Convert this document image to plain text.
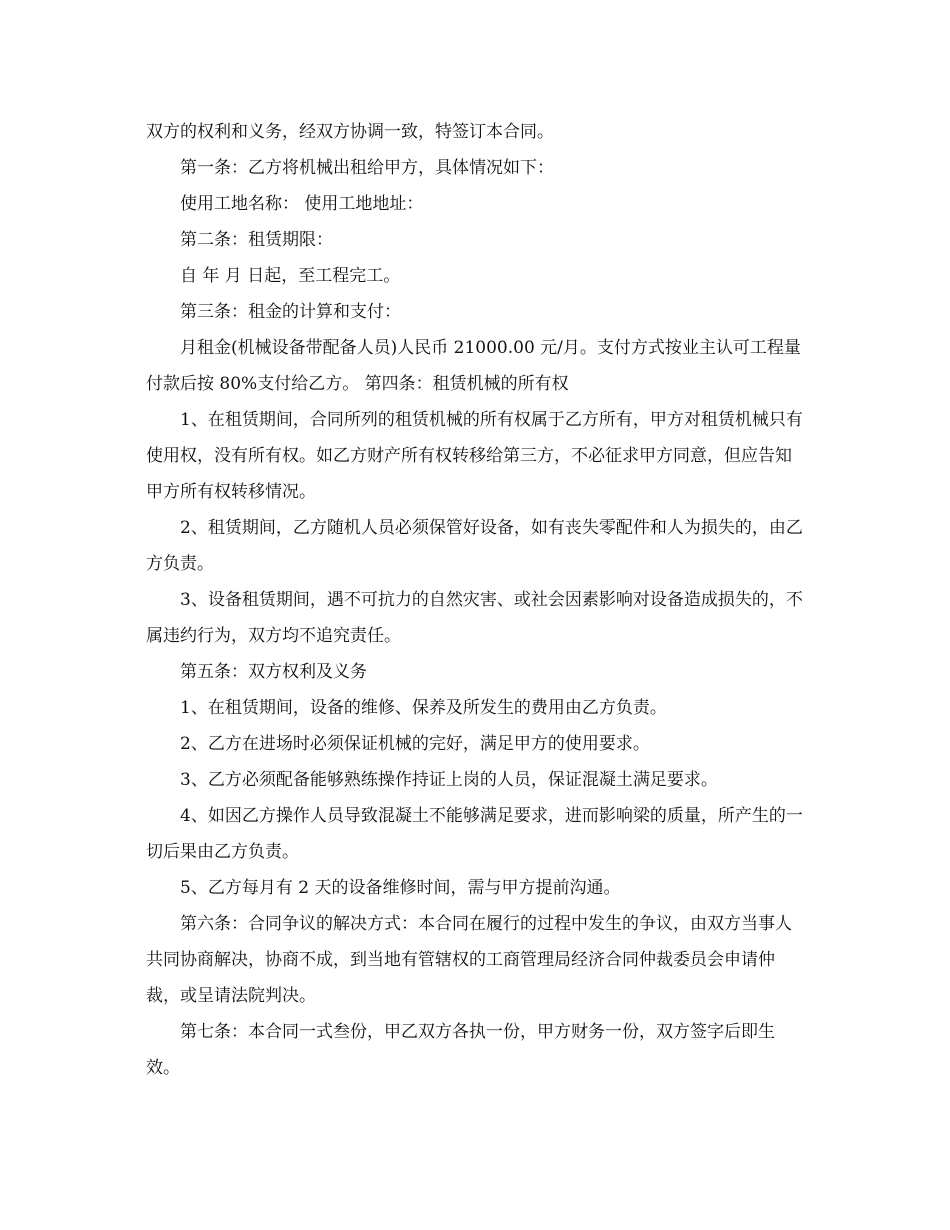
双方的权利和义务，经双方协调一致，特签订本合同。

第一条：乙方将机械出租给甲方，具体情况如下：

使用工地名称： 使用工地地址：

第二条：租赁期限：

自 年 月 日起，至工程完工。

第三条：租金的计算和支付：

月租金(机械设备带配备人员)人民币 21000.00 元/月。支付方式按业主认可工程量付款后按 80%支付给乙方。 第四条：租赁机械的所有权

1、在租赁期间，合同所列的租赁机械的所有权属于乙方所有，甲方对租赁机械只有使用权，没有所有权。如乙方财产所有权转移给第三方，不必征求甲方同意，但应告知甲方所有权转移情况。

2、租赁期间，乙方随机人员必须保管好设备，如有丧失零配件和人为损失的，由乙方负责。

3、设备租赁期间，遇不可抗力的自然灾害、或社会因素影响对设备造成损失的，不属违约行为，双方均不追究责任。

第五条：双方权利及义务

1、在租赁期间，设备的维修、保养及所发生的费用由乙方负责。

2、乙方在进场时必须保证机械的完好，满足甲方的使用要求。

3、乙方必须配备能够熟练操作持证上岗的人员，保证混凝土满足要求。

4、如因乙方操作人员导致混凝土不能够满足要求，进而影响梁的质量，所产生的一切后果由乙方负责。

5、乙方每月有 2 天的设备维修时间，需与甲方提前沟通。

第六条：合同争议的解决方式：本合同在履行的过程中发生的争议，由双方当事人共同协商解决，协商不成，到当地有管辖权的工商管理局经济合同仲裁委员会申请仲裁，或呈请法院判决。

第七条：本合同一式叁份，甲乙双方各执一份，甲方财务一份，双方签字后即生效。
